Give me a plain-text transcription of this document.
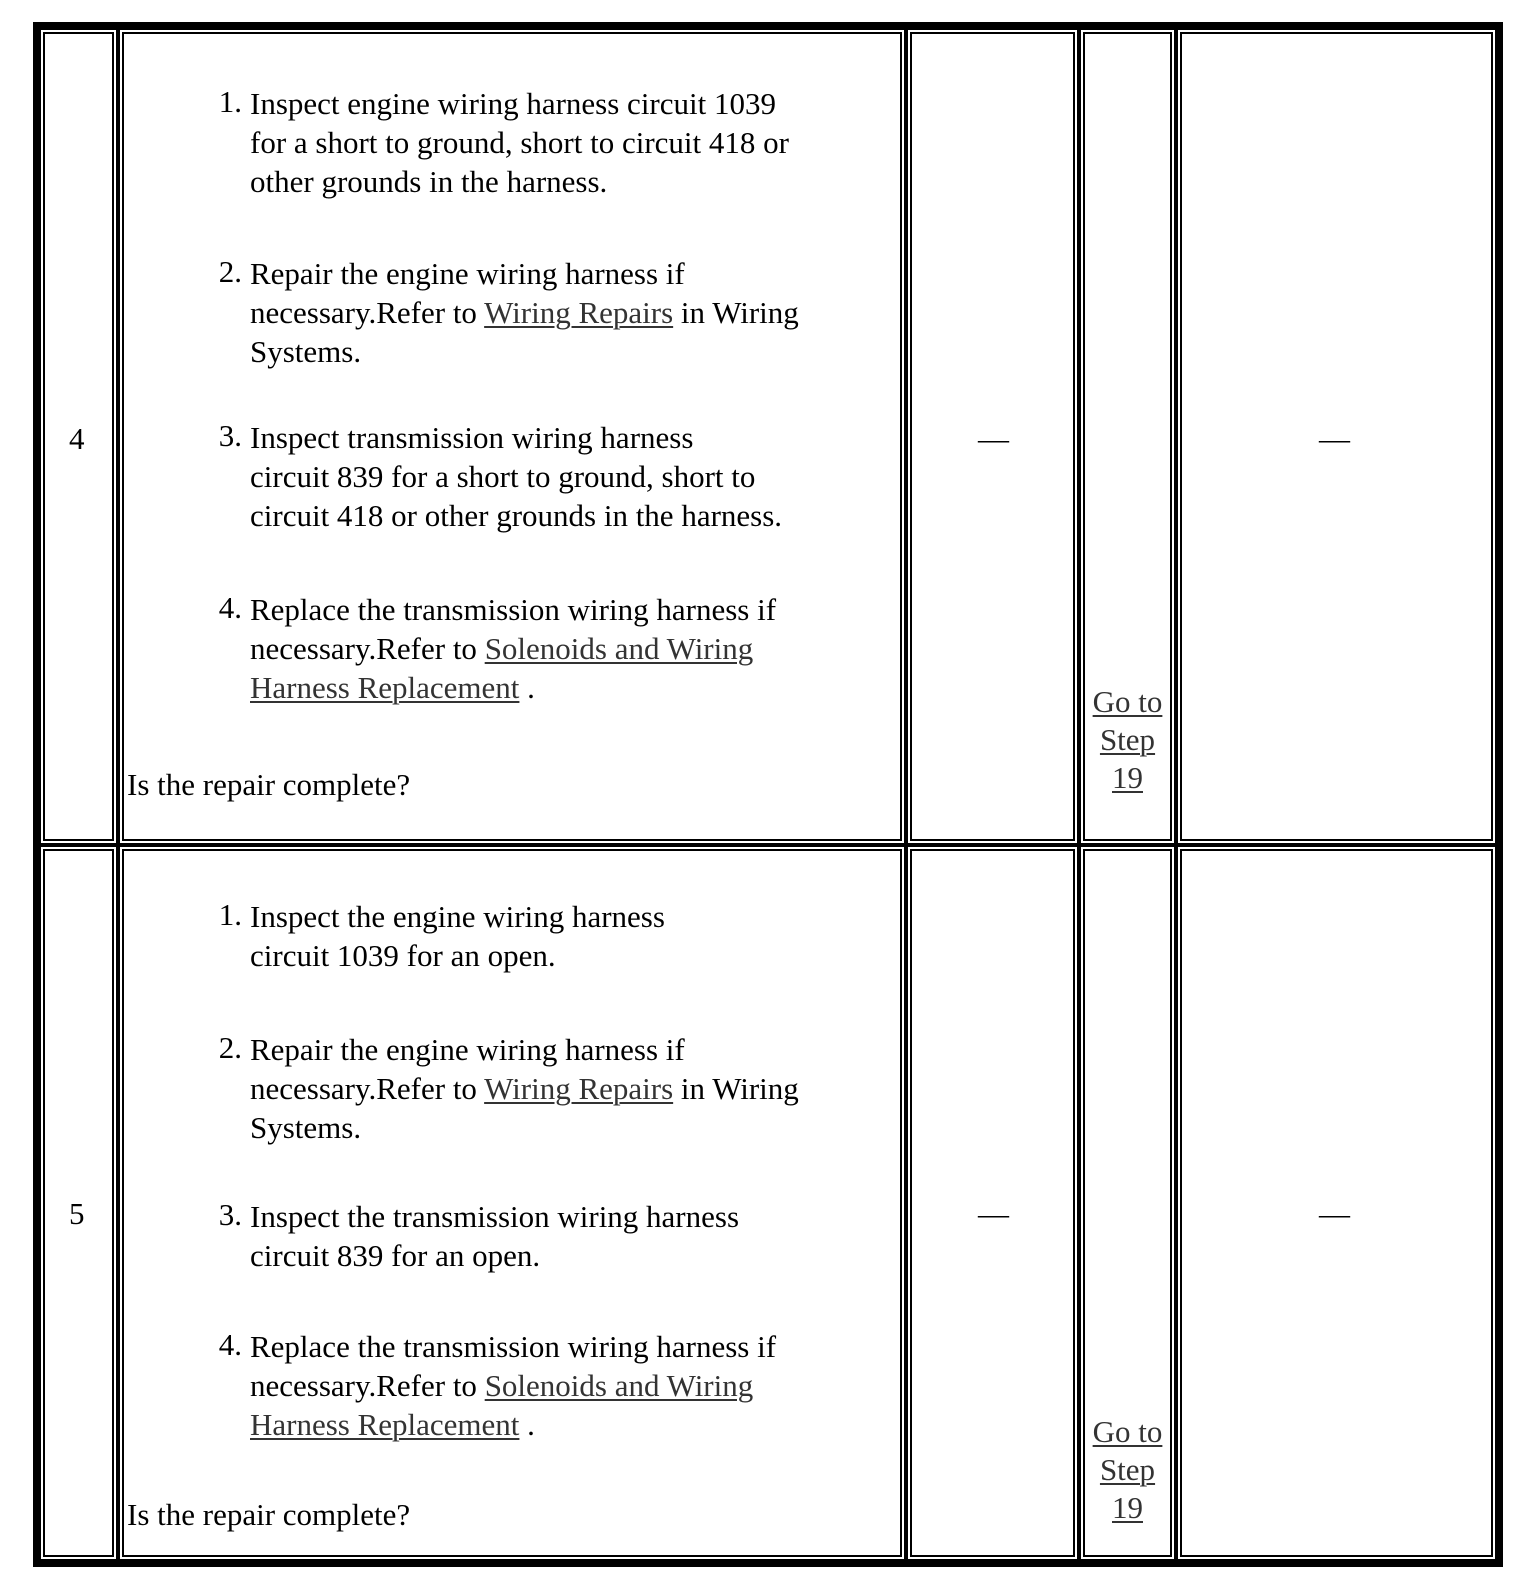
4
1. Inspect engine wiring harness circuit 1039
for a short to ground, short to circuit 418 or
other grounds in the harness.
2. Repair the engine wiring harness if
necessary.Refer to Wiring Repairs in Wiring
Systems.
3. Inspect transmission wiring harness
circuit 839 for a short to ground, short to
circuit 418 or other grounds in the harness.
4. Replace the transmission wiring harness if
necessary.Refer to Solenoids and Wiring
Harness Replacement .
Is the repair complete?
—
Go to
Step
19
—
5
1. Inspect the engine wiring harness
circuit 1039 for an open.
2. Repair the engine wiring harness if
necessary.Refer to Wiring Repairs in Wiring
Systems.
3. Inspect the transmission wiring harness
circuit 839 for an open.
4. Replace the transmission wiring harness if
necessary.Refer to Solenoids and Wiring
Harness Replacement .
Is the repair complete?
—
Go to
Step
19
—
